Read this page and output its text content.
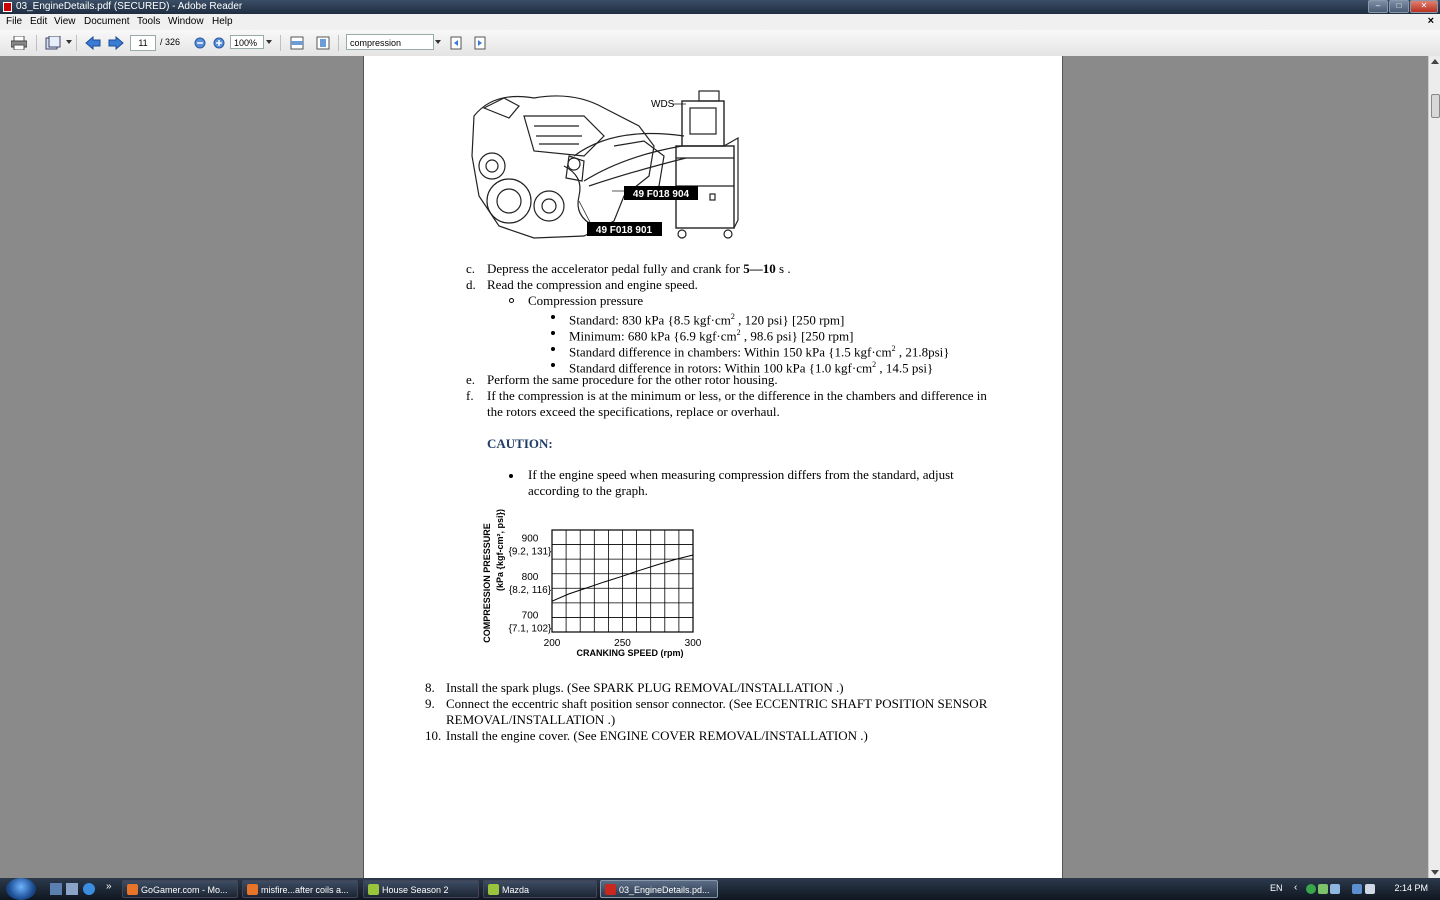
03_EngineDetails.pdf (SECURED) - Adobe Reader	–	□	✕
File Edit View Document Tools Window Help	×
11	/ 326	100%	compression
WDS
49 F018 904
49 F018 901
c. Depress the accelerator pedal fully and crank for 5—10 s .
d. Read the compression and engine speed.
Compression pressure
Standard: 830 kPa {8.5 $kgf\cdot cm^2$ , 120 psi} [250 rpm]
Minimum: 680 kPa {6.9 $kgf\cdot cm^2$ , 98.6 psi} [250 rpm]
Standard difference in chambers: Within 150 kPa {1.5 $kgf\cdot cm^2$ , 21.8psi}
Standard difference in rotors: Within 100 kPa {1.0 $kgf\cdot cm^2$ , 14.5 psi}
e. Perform the same procedure for the other rotor housing.
f. If the compression is at the minimum or less, or the difference in the chambers and difference in
the rotors exceed the specifications, replace or overhaul.
CAUTION:
If the engine speed when measuring compression differs from the standard, adjust
according to the graph.
900
{9.2, 131}
800
{8.2, 116}
700
{7.1, 102}
200	250	300
COMPRESSION PRESSURE (kPa {kgf-cm², psi})
CRANKING SPEED (rpm)
8. Install the spark plugs. (See SPARK PLUG REMOVAL/INSTALLATION .)
9. Connect the eccentric shaft position sensor connector. (See ECCENTRIC SHAFT POSITION SENSOR
REMOVAL/INSTALLATION .)
10. Install the engine cover. (See ENGINE COVER REMOVAL/INSTALLATION .)
»	GoGamer.com - Mo...	misfire...after coils a...	House Season 2	Mazda	03_EngineDetails.pd...	EN ‹	2:14 PM
